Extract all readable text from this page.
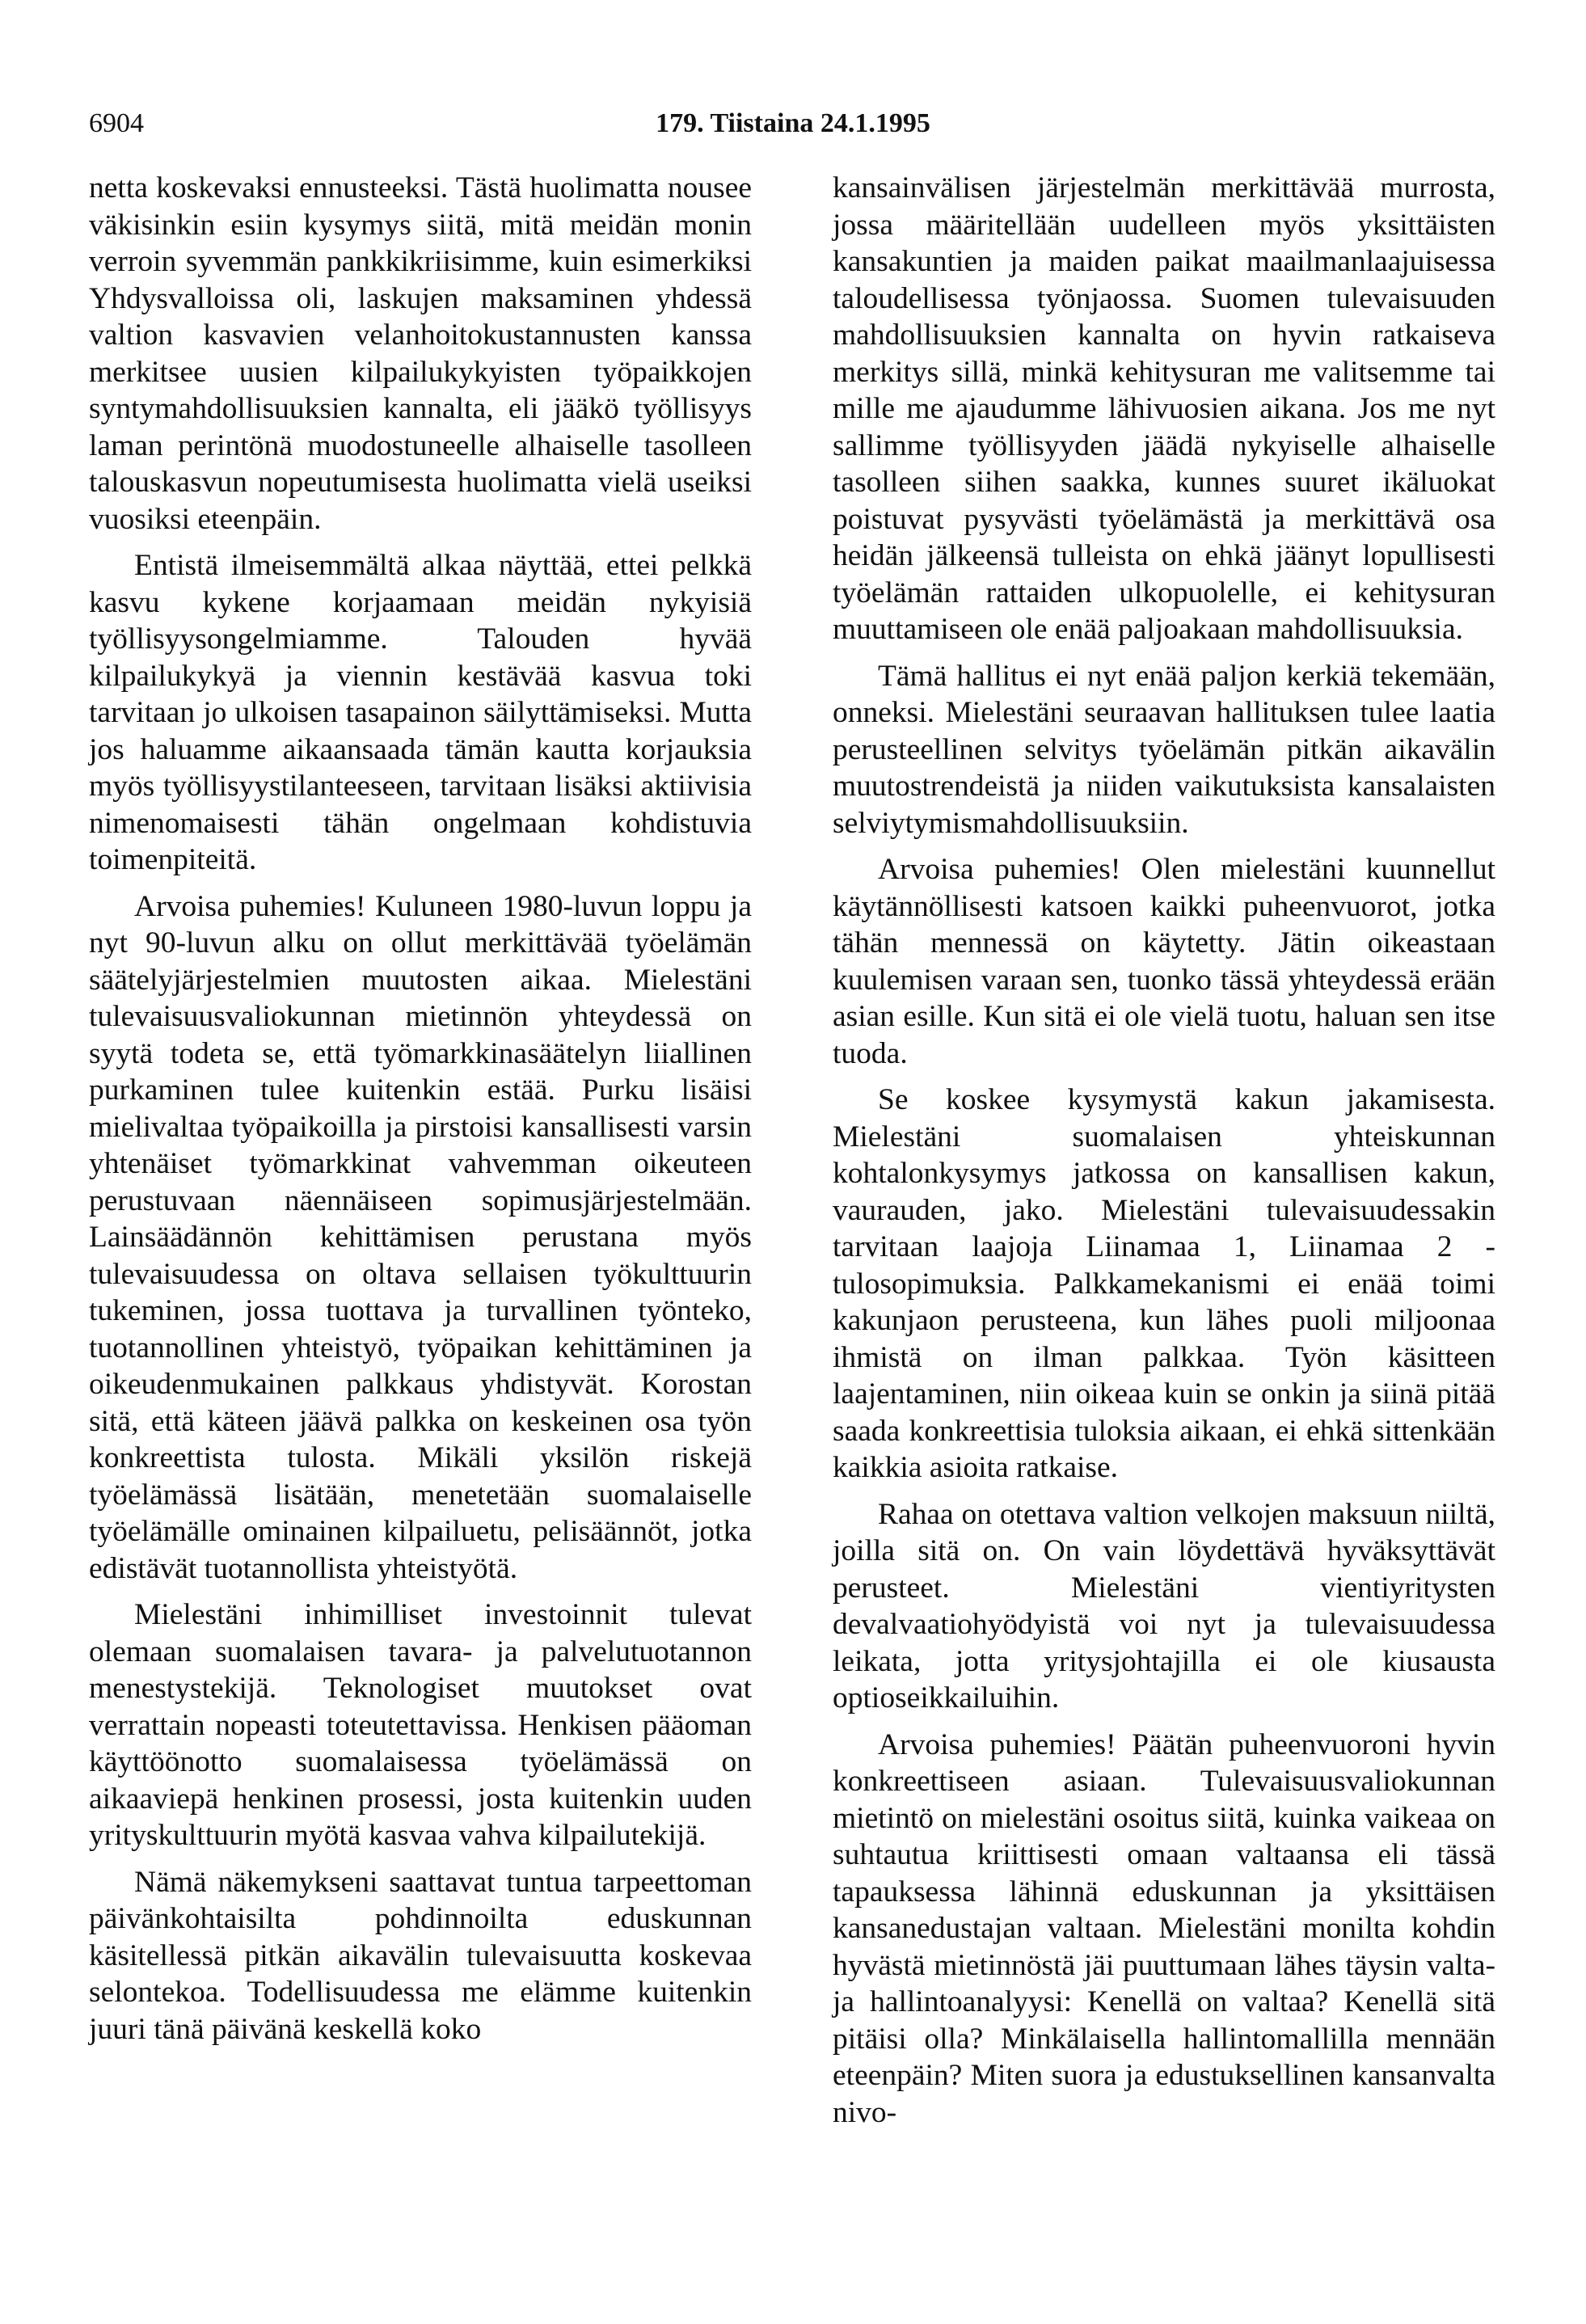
6904	179. Tiistaina 24.1.1995

netta koskevaksi ennusteeksi. Tästä huolimatta nousee väkisinkin esiin kysymys siitä, mitä meidän monin verroin syvemmän pankkikriisimme, kuin esimerkiksi Yhdysvalloissa oli, laskujen maksaminen yhdessä valtion kasvavien velanhoitokustannusten kanssa merkitsee uusien kilpailukykyisten työpaikkojen syntymahdollisuuksien kannalta, eli jääkö työllisyys laman perintönä muodostuneelle alhaiselle tasolleen talouskasvun nopeutumisesta huolimatta vielä useiksi vuosiksi eteenpäin.

Entistä ilmeisemmältä alkaa näyttää, ettei pelkkä kasvu kykene korjaamaan meidän nykyisiä työllisyysongelmiamme. Talouden hyvää kilpailukykyä ja viennin kestävää kasvua toki tarvitaan jo ulkoisen tasapainon säilyttämiseksi. Mutta jos haluamme aikaansaada tämän kautta korjauksia myös työllisyystilanteeseen, tarvitaan lisäksi aktiivisia nimenomaisesti tähän ongelmaan kohdistuvia toimenpiteitä.

Arvoisa puhemies! Kuluneen 1980-luvun loppu ja nyt 90-luvun alku on ollut merkittävää työelämän säätelyjärjestelmien muutosten aikaa. Mielestäni tulevaisuusvaliokunnan mietinnön yhteydessä on syytä todeta se, että työmarkkinasäätelyn liiallinen purkaminen tulee kuitenkin estää. Purku lisäisi mielivaltaa työpaikoilla ja pirstoisi kansallisesti varsin yhtenäiset työmarkkinat vahvemman oikeuteen perustuvaan näennäiseen sopimusjärjestelmään. Lainsäädännön kehittämisen perustana myös tulevaisuudessa on oltava sellaisen työkulttuurin tukeminen, jossa tuottava ja turvallinen työnteko, tuotannollinen yhteistyö, työpaikan kehittäminen ja oikeudenmukainen palkkaus yhdistyvät. Korostan sitä, että käteen jäävä palkka on keskeinen osa työn konkreettista tulosta. Mikäli yksilön riskejä työelämässä lisätään, menetetään suomalaiselle työelämälle ominainen kilpailuetu, pelisäännöt, jotka edistävät tuotannollista yhteistyötä.

Mielestäni inhimilliset investoinnit tulevat olemaan suomalaisen tavara- ja palvelutuotannon menestystekijä. Teknologiset muutokset ovat verrattain nopeasti toteutettavissa. Henkisen pääoman käyttöönotto suomalaisessa työelämässä on aikaaviepä henkinen prosessi, josta kuitenkin uuden yrityskulttuurin myötä kasvaa vahva kilpailutekijä.

Nämä näkemykseni saattavat tuntua tarpeettoman päivänkohtaisilta pohdinnoilta eduskunnan käsitellessä pitkän aikavälin tulevaisuutta koskevaa selontekoa. Todellisuudessa me elämme kuitenkin juuri tänä päivänä keskellä koko

kansainvälisen järjestelmän merkittävää murrosta, jossa määritellään uudelleen myös yksittäisten kansakuntien ja maiden paikat maailmanlaajuisessa taloudellisessa työnjaossa. Suomen tulevaisuuden mahdollisuuksien kannalta on hyvin ratkaiseva merkitys sillä, minkä kehitysuran me valitsemme tai mille me ajaudumme lähivuosien aikana. Jos me nyt sallimme työllisyyden jäädä nykyiselle alhaiselle tasolleen siihen saakka, kunnes suuret ikäluokat poistuvat pysyvästi työelämästä ja merkittävä osa heidän jälkeensä tulleista on ehkä jäänyt lopullisesti työelämän rattaiden ulkopuolelle, ei kehitysuran muuttamiseen ole enää paljoakaan mahdollisuuksia.

Tämä hallitus ei nyt enää paljon kerkiä tekemään, onneksi. Mielestäni seuraavan hallituksen tulee laatia perusteellinen selvitys työelämän pitkän aikavälin muutostrendeistä ja niiden vaikutuksista kansalaisten selviytymismahdollisuuksiin.

Arvoisa puhemies! Olen mielestäni kuunnellut käytännöllisesti katsoen kaikki puheenvuorot, jotka tähän mennessä on käytetty. Jätin oikeastaan kuulemisen varaan sen, tuonko tässä yhteydessä erään asian esille. Kun sitä ei ole vielä tuotu, haluan sen itse tuoda.

Se koskee kysymystä kakun jakamisesta. Mielestäni suomalaisen yhteiskunnan kohtalonkysymys jatkossa on kansallisen kakun, vaurauden, jako. Mielestäni tulevaisuudessakin tarvitaan laajoja Liinamaa 1, Liinamaa 2 -tulosopimuksia. Palkkamekanismi ei enää toimi kakunjaon perusteena, kun lähes puoli miljoonaa ihmistä on ilman palkkaa. Työn käsitteen laajentaminen, niin oikeaa kuin se onkin ja siinä pitää saada konkreettisia tuloksia aikaan, ei ehkä sittenkään kaikkia asioita ratkaise.

Rahaa on otettava valtion velkojen maksuun niiltä, joilla sitä on. On vain löydettävä hyväksyttävät perusteet. Mielestäni vientiyritysten devalvaatiohyödyistä voi nyt ja tulevaisuudessa leikata, jotta yritysjohtajilla ei ole kiusausta optioseikkailuihin.

Arvoisa puhemies! Päätän puheenvuoroni hyvin konkreettiseen asiaan. Tulevaisuusvaliokunnan mietintö on mielestäni osoitus siitä, kuinka vaikeaa on suhtautua kriittisesti omaan valtaansa eli tässä tapauksessa lähinnä eduskunnan ja yksittäisen kansanedustajan valtaan. Mielestäni monilta kohdin hyvästä mietinnöstä jäi puuttumaan lähes täysin valta- ja hallintoanalyysi: Kenellä on valtaa? Kenellä sitä pitäisi olla? Minkälaisella hallintomallilla mennään eteenpäin? Miten suora ja edustuksellinen kansanvalta nivo-
